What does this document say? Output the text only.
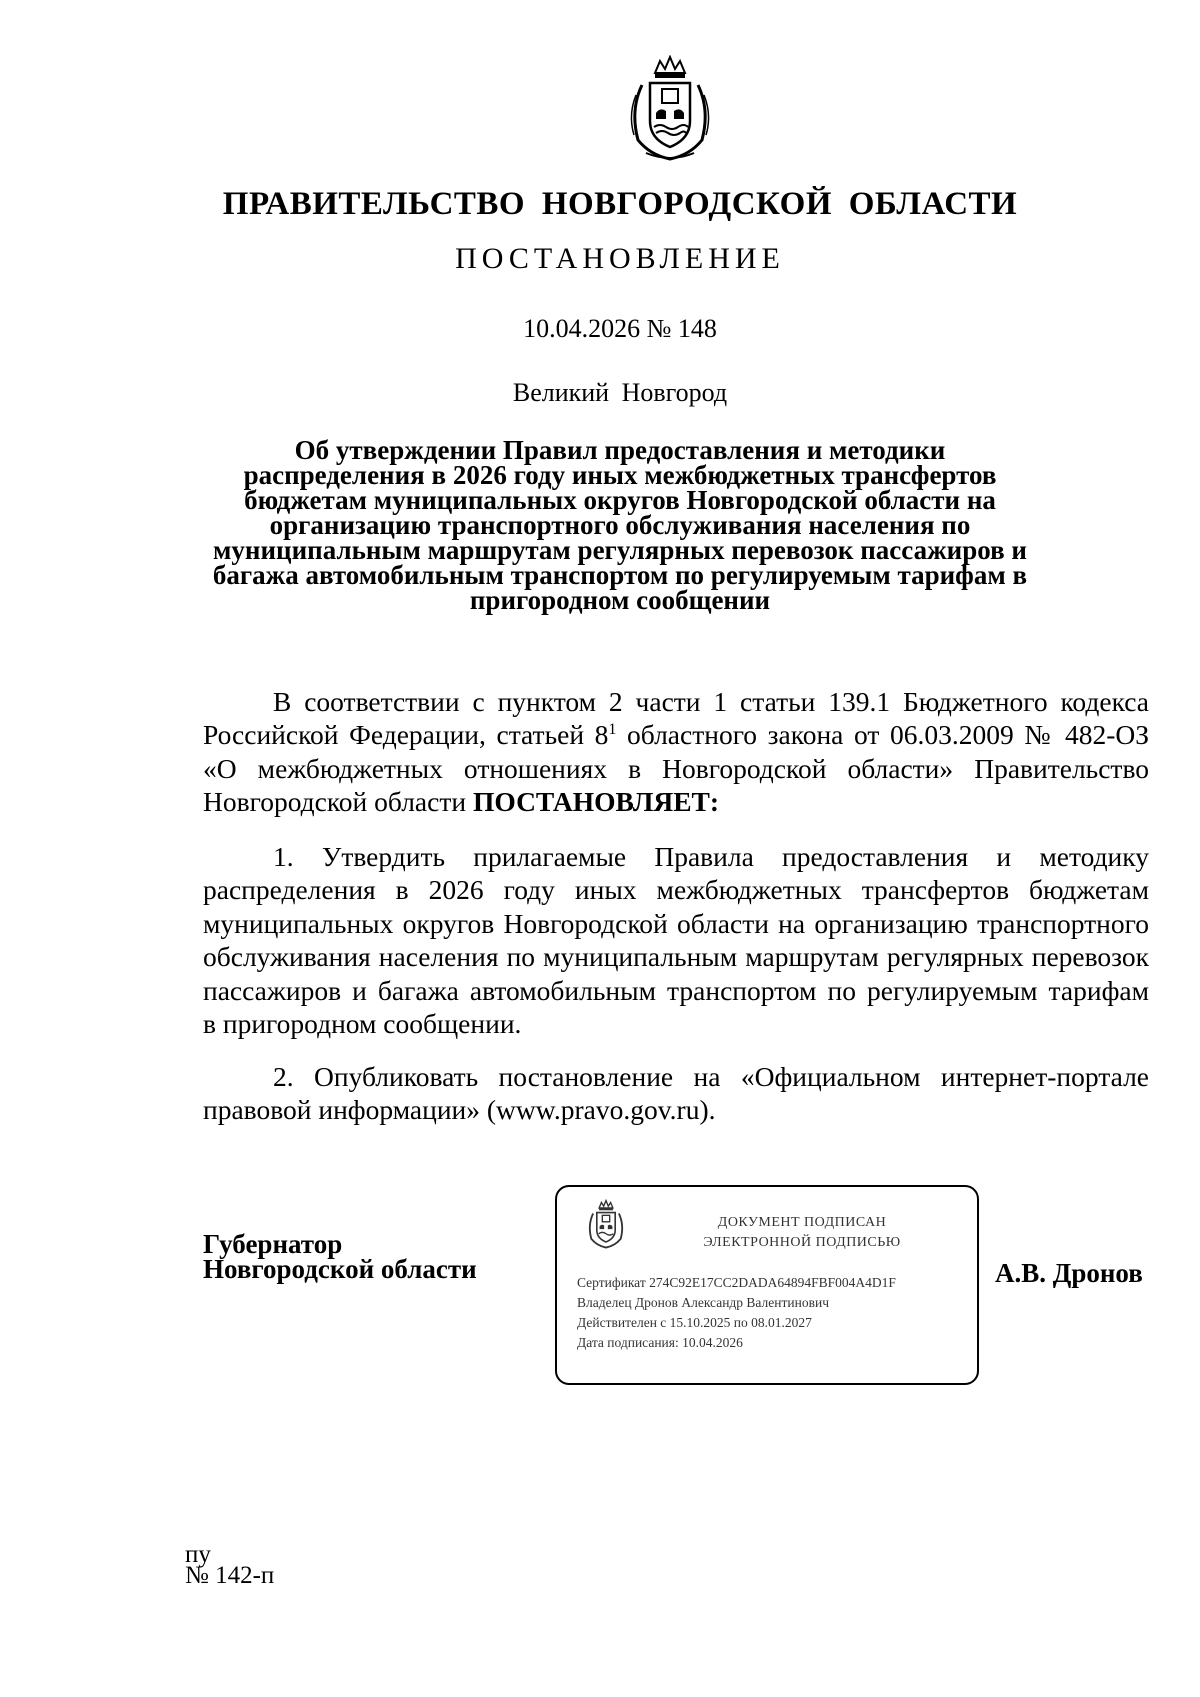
ПРАВИТЕЛЬСТВО НОВГОРОДСКОЙ ОБЛАСТИ
ПОСТАНОВЛЕНИЕ
10.04.2026 № 148
Великий Новгород
Об утверждении Правил предоставления и методики
распределения в 2026 году иных межбюджетных трансфертов
бюджетам муниципальных округов Новгородской области на
организацию транспортного обслуживания населения по
муниципальным маршрутам регулярных перевозок пассажиров и
багажа автомобильным транспортом по регулируемым тарифам в
пригородном сообщении
В соответствии с пунктом 2 части 1 статьи 139.1 Бюджетного кодекса
Российской Федерации, статьей $8^1$ областного закона от 06.03.2009 № 482-ОЗ
«О межбюджетных отношениях в Новгородской области» Правительство
Новгородской области ПОСТАНОВЛЯЕТ:
1. Утвердить прилагаемые Правила предоставления и методику
распределения в 2026 году иных межбюджетных трансфертов бюджетам
муниципальных округов Новгородской области на организацию транспортного
обслуживания населения по муниципальным маршрутам регулярных перевозок
пассажиров и багажа автомобильным транспортом по регулируемым тарифам
в пригородном сообщении.
2. Опубликовать постановление на «Официальном интернет-портале
правовой информации» (www.pravo.gov.ru).
Губернатор
Новгородской области
ДОКУМЕНТ ПОДПИСАН
ЭЛЕКТРОННОЙ ПОДПИСЬЮ
Сертификат 274C92E17CC2DADA64894FBF004A4D1F
Владелец Дронов Александр Валентинович
Действителен с 15.10.2025 по 08.01.2027
Дата подписания: 10.04.2026
А.В. Дронов
пу
№ 142-п
